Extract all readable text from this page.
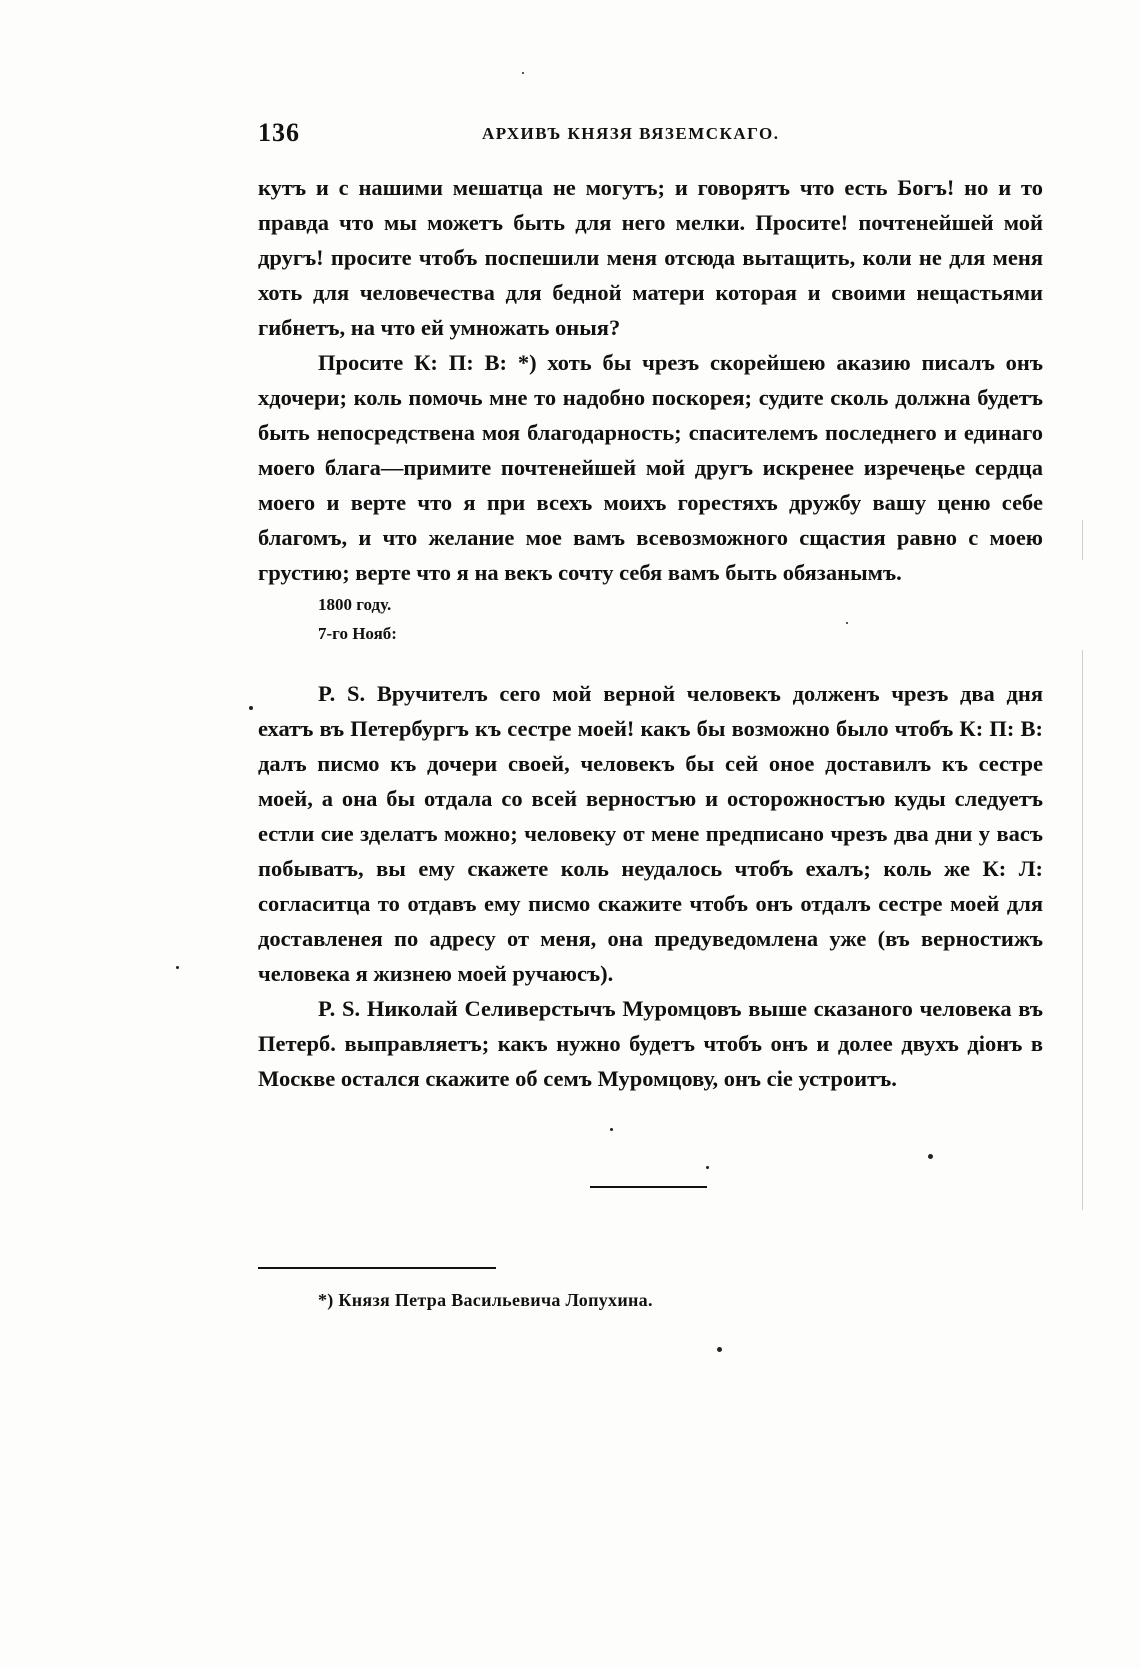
136	АРХИВЪ КНЯЗЯ ВЯЗЕМСКАГО.

кутъ и с нашими мешатца не могутъ; и говорятъ что есть Богъ! но и то правда что мы можетъ быть для него мелки. Просите! почтенейшей мой другъ! просите чтобъ поспешили меня отсюда вытащить, коли не для меня хоть для человечества для бедной матери которая и своими нещастьями гибнетъ, на что ей умножать оныя?

Просите К: П: В: *) хоть бы чрезъ скорейшею аказию писалъ онъ хдочери; коль помочь мне то надобно поскорея; судите сколь должна будетъ быть непосредствена моя благодарность; спасителемъ последнего и единаго моего блага—примите почтенейшей мой другъ искренее изречеңье сердца моего и верте что я при всехъ моихъ горестяхъ дружбу вашу ценю себе благомъ, и что желание мое вамъ всевозможного сщастия равно с моею грустию; верте что я на векъ сочту себя вамъ быть обязанымъ.

1800 году.
7-го Нояб:

P. S. Вручителъ сего мой верной человекъ долженъ чрезъ два дня ехатъ въ Петербургъ къ сестре моей! какъ бы возможно было чтобъ К: П: В: далъ писмо къ дочери своей, человекъ бы сей оное доставилъ къ сестре моей, а она бы отдала со всей верностъю и осторожностъю куды следуетъ естли сие зделатъ можно; человеку от мене предписано чрезъ два дни у васъ побыватъ, вы ему скажете коль неудалось чтобъ ехалъ; коль же К: Л: согласитца то отдавъ ему писмо скажите чтобъ онъ отдалъ сестре моей для доставленея по адресу от меня, она предуведомлена уже (въ верностижъ человека я жизнею моей ручаюсъ).

P. S. Николай Селиверстычъ Муромцовъ выше сказаного человека въ Петерб. выправляетъ; какъ нужно будетъ чтобъ онъ и долее двухъ дiонъ в Москве остался скажите об семъ Муромцову, онъ сiе устроитъ.

*) Князя Петра Васильевича Лопухина.
